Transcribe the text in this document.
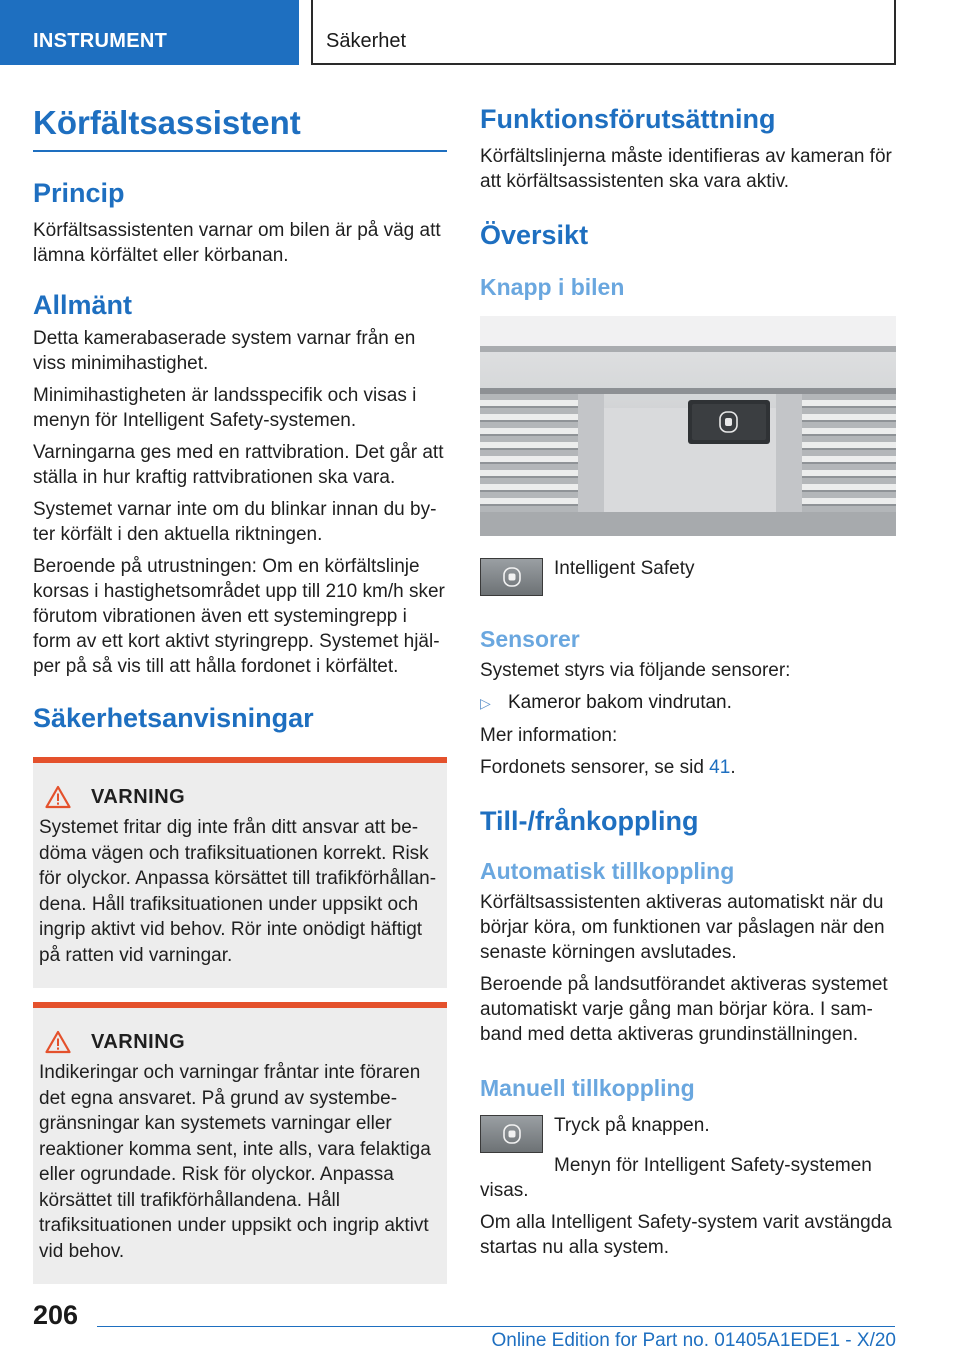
INSTRUMENT	Säkerhet
Körfältsassistent
Princip

Körfältsassistenten varnar om bilen är på väg att lämna körfältet eller körbanan.

Allmänt

Detta kamerabaserade system varnar från en viss minimihastighet.

Minimihastigheten är landsspecifik och visas i menyn för Intelligent Safety-systemen.

Varningarna ges med en rattvibration. Det går att ställa in hur kraftig rattvibrationen ska vara.

Systemet varnar inte om du blinkar innan du byter körfält i den aktuella riktningen.

Beroende på utrustningen: Om en körfältslinje korsas i hastighetsområdet upp till 210 km/h sker förutom vibrationen även ett systemingrepp i form av ett kort aktivt styringrepp. Systemet hjälper på så vis till att hålla fordonet i körfältet.

Säkerhetsanvisningar
VARNING

Systemet fritar dig inte från ditt ansvar att bedöma vägen och trafiksituationen korrekt. Risk för olyckor. Anpassa körsättet till trafikförhållandena. Håll trafiksituationen under uppsikt och ingrip aktivt vid behov. Rör inte onödigt häftigt på ratten vid varningar.

VARNING

Indikeringar och varningar fråntar inte föraren det egna ansvaret. På grund av systembegränsningar kan systemets varningar eller reaktioner komma sent, inte alls, vara felaktiga eller ogrundade. Risk för olyckor. Anpassa körsättet till trafikförhållandena. Håll trafiksituationen under uppsikt och ingrip aktivt vid behov.

Funktionsförutsättning

Körfältslinjerna måste identifieras av kameran för att körfältsassistenten ska vara aktiv.

Översikt
Knapp i bilen

Intelligent Safety

Sensorer

Systemet styrs via följande sensorer:

▷ Kameror bakom vindrutan.

Mer information:

Fordonets sensorer, se sid 41.

Till-/frånkoppling
Automatisk tillkoppling

Körfältsassistenten aktiveras automatiskt när du börjar köra, om funktionen var påslagen när den senaste körningen avslutades.

Beroende på landsutförandet aktiveras systemet automatiskt varje gång man börjar köra. I samband med detta aktiveras grundinställningen.

Manuell tillkoppling

Tryck på knappen.

Menyn för Intelligent Safety-systemen visas.

Om alla Intelligent Safety-system varit avstängda startas nu alla system.

206
Online Edition for Part no. 01405A1EDE1 - X/20
